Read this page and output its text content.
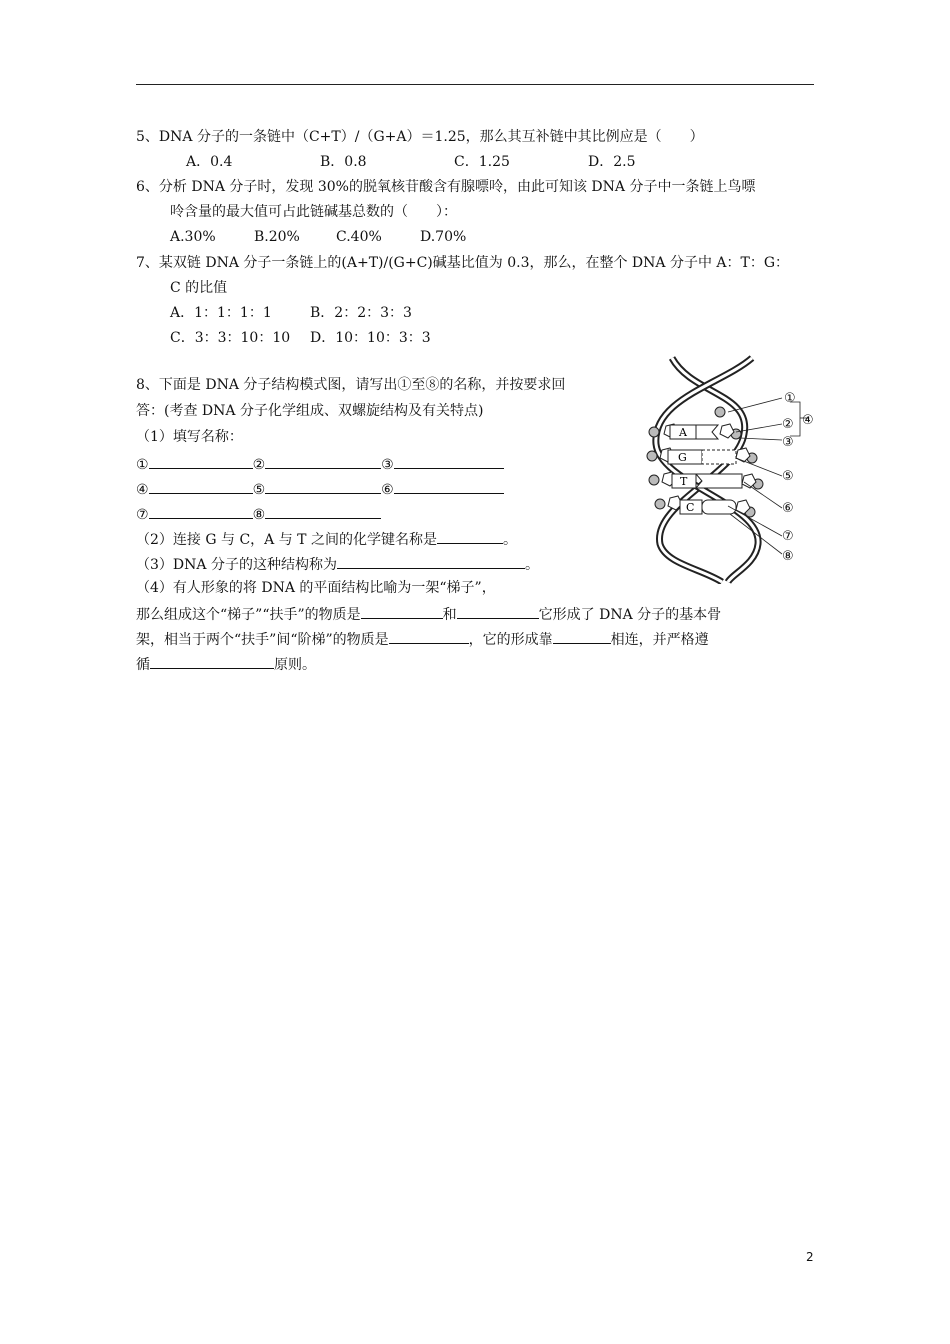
5、DNA 分子的一条链中（C+T）/（G+A）＝1.25，那么其互补链中其比例应是（　　）
A．0.4	B．0.8	C．1.25	D．2.5
6、分析 DNA 分子时，发现 30%的脱氧核苷酸含有腺嘌呤，由此可知该 DNA 分子中一条链上鸟嘌
呤含量的最大值可占此链碱基总数的（　　）：
A.30%	B.20%	C.40%	D.70%
7、某双链 DNA 分子一条链上的(A+T)/(G+C)碱基比值为 0.3，那么，在整个 DNA 分子中 A：T：G：
C 的比值
A．1：1：1：1	B．2：2：3：3
C．3：3：10：10 D．10：10：3：3
8、下面是 DNA 分子结构模式图，请写出①至⑧的名称，并按要求回
答：(考查 DNA 分子化学组成、双螺旋结构及有关特点)
（1）填写名称：
①	②	③
④	⑤	⑥
⑦	⑧
（2）连接 G 与 C，A 与 T 之间的化学键名称是	。
（3）DNA 分子的这种结构称为	。
（4）有人形象的将 DNA 的平面结构比喻为一架“梯子”，
那么组成这个“梯子”“扶手”的物质是	和	它形成了 DNA 分子的基本骨
架，相当于两个“扶手”间“阶梯”的物质是	，它的形成靠	相连，并严格遵
循	原则。
A
G
T
C
①
②
③
④
⑤
⑥
⑦
⑧
2
